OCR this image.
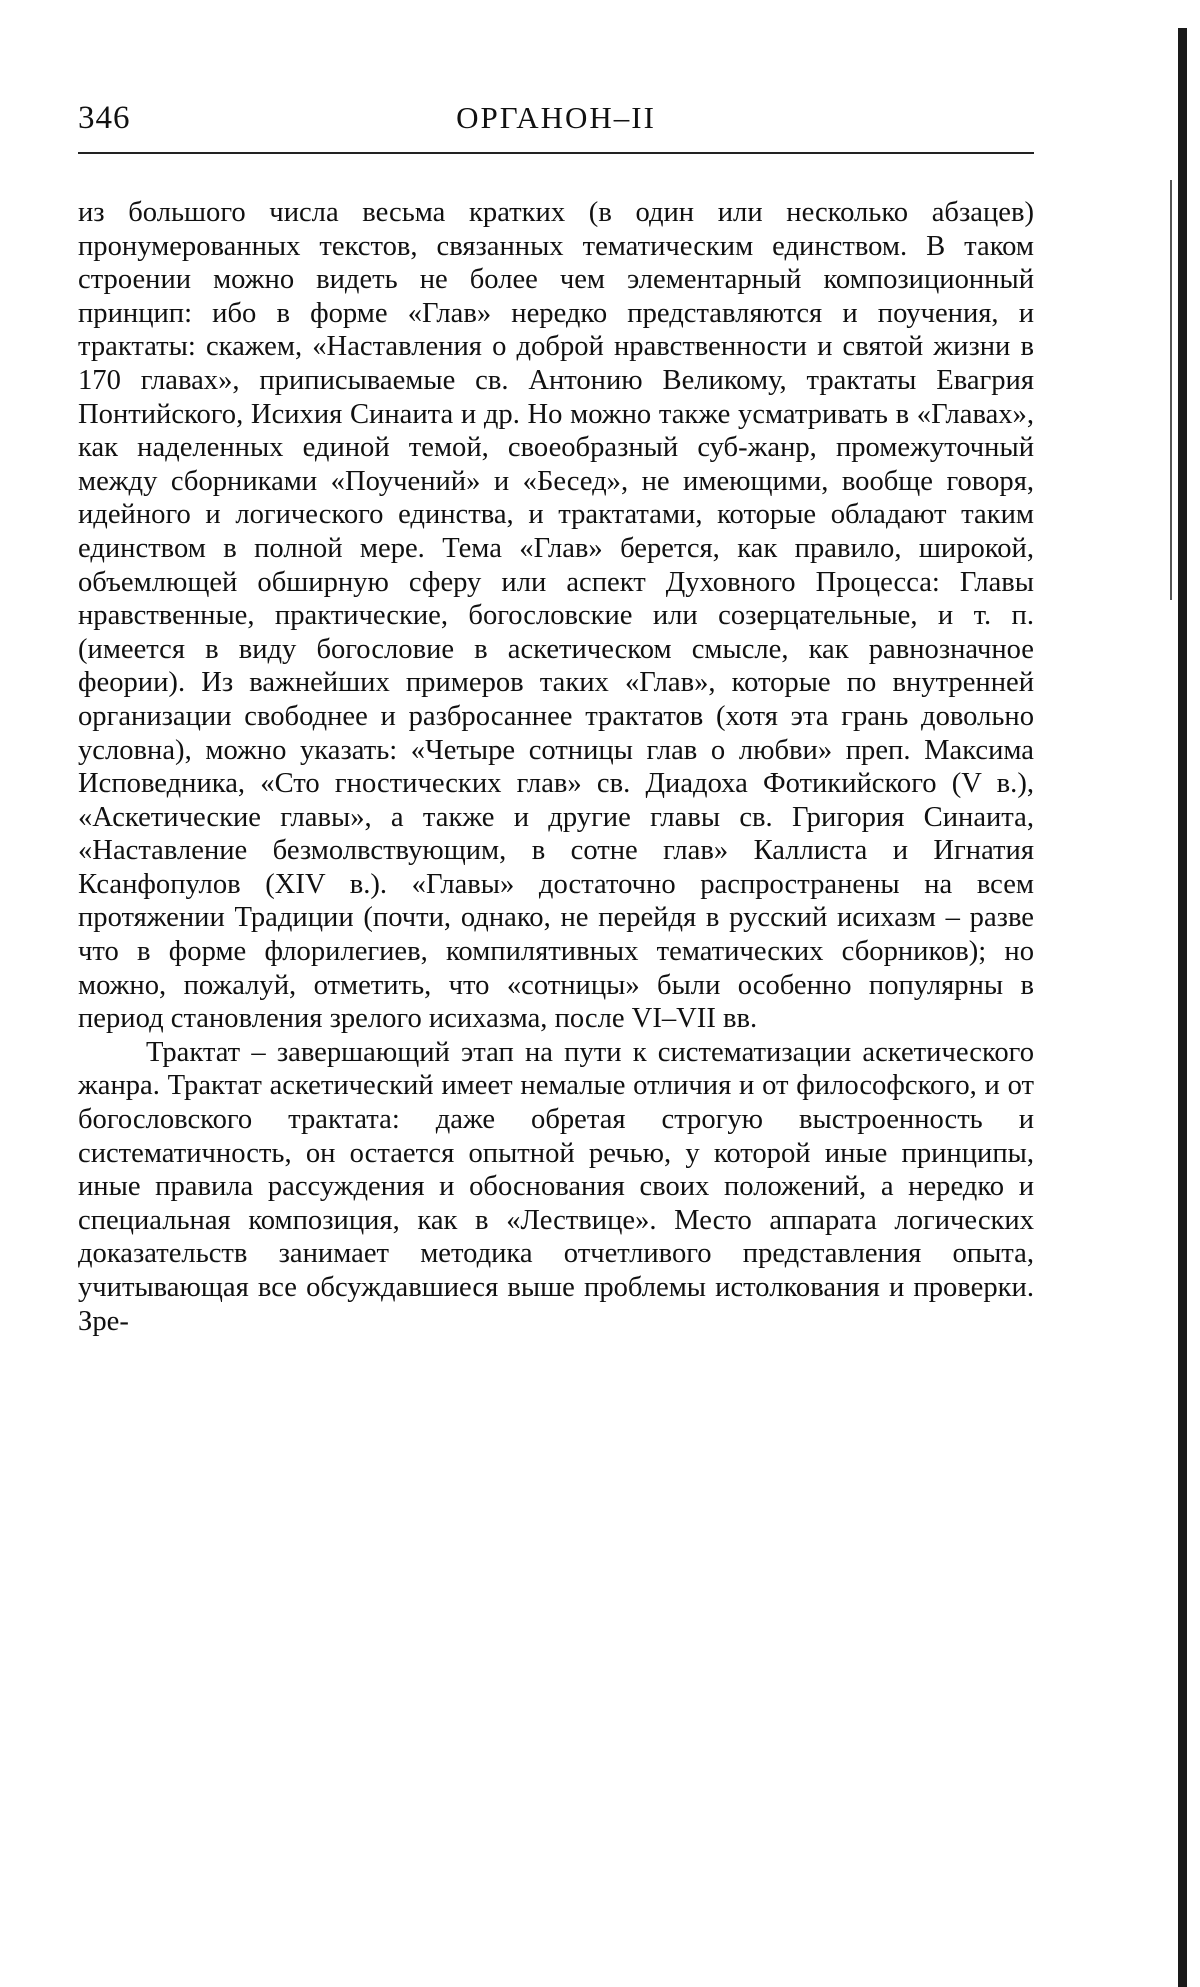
346	ОРГАНОН–II

из большого числа весьма кратких (в один или несколько абзацев) пронумерованных текстов, связанных тематическим единством. В таком строении можно видеть не более чем элементарный композиционный принцип: ибо в форме «Глав» нередко представляются и поучения, и трактаты: скажем, «Наставления о доброй нравственности и святой жизни в 170 главах», приписываемые св. Антонию Великому, трактаты Евагрия Понтийского, Исихия Синаита и др. Но можно также усматривать в «Главах», как наделенных единой темой, своеобразный суб-жанр, промежуточный между сборниками «Поучений» и «Бесед», не имеющими, вообще говоря, идейного и логического единства, и трактатами, которые обладают таким единством в полной мере. Тема «Глав» берется, как правило, широкой, объемлющей обширную сферу или аспект Духовного Процесса: Главы нравственные, практические, богословские или созерцательные, и т. п. (имеется в виду богословие в аскетическом смысле, как равнозначное феории). Из важнейших примеров таких «Глав», которые по внутренней организации свободнее и разбросаннее трактатов (хотя эта грань довольно условна), можно указать: «Четыре сотницы глав о любви» преп. Максима Исповедника, «Сто гностических глав» св. Диадоха Фотикийского (V в.), «Аскетические главы», а также и другие главы св. Григория Синаита, «Наставление безмолвствующим, в сотне глав» Каллиста и Игнатия Ксанфопулов (XIV в.). «Главы» достаточно распространены на всем протяжении Традиции (почти, однако, не перейдя в русский исихазм – разве что в форме флорилегиев, компилятивных тематических сборников); но можно, пожалуй, отметить, что «сотницы» были особенно популярны в период становления зрелого исихазма, после VI–VII вв.

Трактат – завершающий этап на пути к систематизации аскетического жанра. Трактат аскетический имеет немалые отличия и от философского, и от богословского трактата: даже обретая строгую выстроенность и систематичность, он остается опытной речью, у которой иные принципы, иные правила рассуждения и обоснования своих положений, а нередко и специальная композиция, как в «Лествице». Место аппарата логических доказательств занимает методика отчетливого представления опыта, учитывающая все обсуждавшиеся выше проблемы истолкования и проверки. Зре-
